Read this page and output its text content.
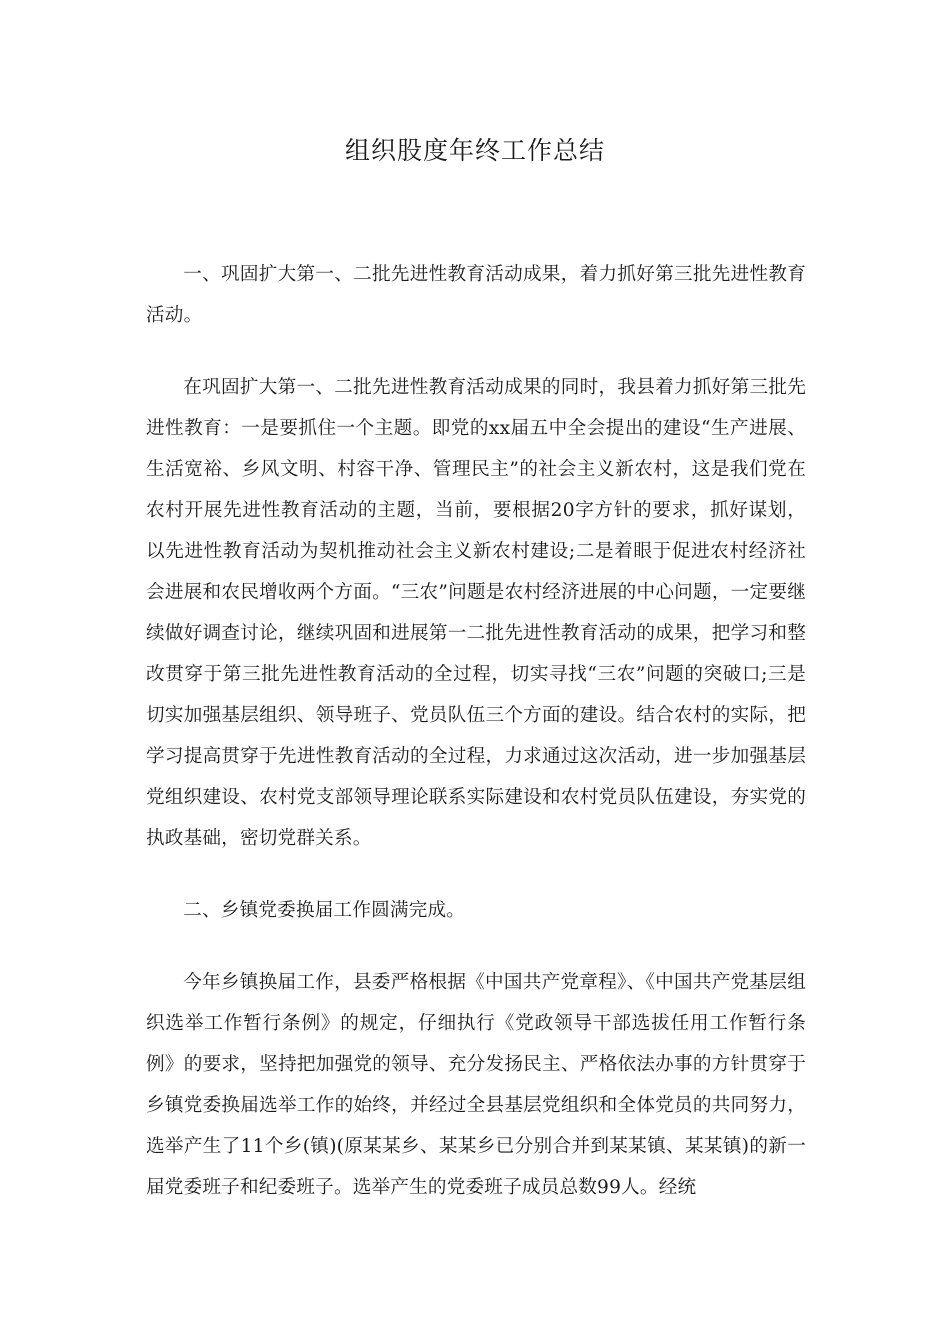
组织股度年终工作总结

一、巩固扩大第一、二批先进性教育活动成果，着力抓好第三批先进性教育活动。

在巩固扩大第一、二批先进性教育活动成果的同时，我县着力抓好第三批先进性教育：一是要抓住一个主题。即党的xx届五中全会提出的建设“生产进展、生活宽裕、乡风文明、村容干净、管理民主”的社会主义新农村，这是我们党在农村开展先进性教育活动的主题，当前，要根据20字方针的要求，抓好谋划，以先进性教育活动为契机推动社会主义新农村建设;二是着眼于促进农村经济社会进展和农民增收两个方面。“三农”问题是农村经济进展的中心问题，一定要继续做好调查讨论，继续巩固和进展第一二批先进性教育活动的成果，把学习和整改贯穿于第三批先进性教育活动的全过程，切实寻找“三农”问题的突破口;三是切实加强基层组织、领导班子、党员队伍三个方面的建设。结合农村的实际，把学习提高贯穿于先进性教育活动的全过程，力求通过这次活动，进一步加强基层党组织建设、农村党支部领导理论联系实际建设和农村党员队伍建设，夯实党的执政基础，密切党群关系。

二、乡镇党委换届工作圆满完成。

今年乡镇换届工作，县委严格根据《中国共产党章程》、《中国共产党基层组织选举工作暂行条例》的规定，仔细执行《党政领导干部选拔任用工作暂行条例》的要求，坚持把加强党的领导、充分发扬民主、严格依法办事的方针贯穿于乡镇党委换届选举工作的始终，并经过全县基层党组织和全体党员的共同努力，选举产生了11个乡(镇)(原某某乡、某某乡已分别合并到某某镇、某某镇)的新一届党委班子和纪委班子。选举产生的党委班子成员总数99人。经统
